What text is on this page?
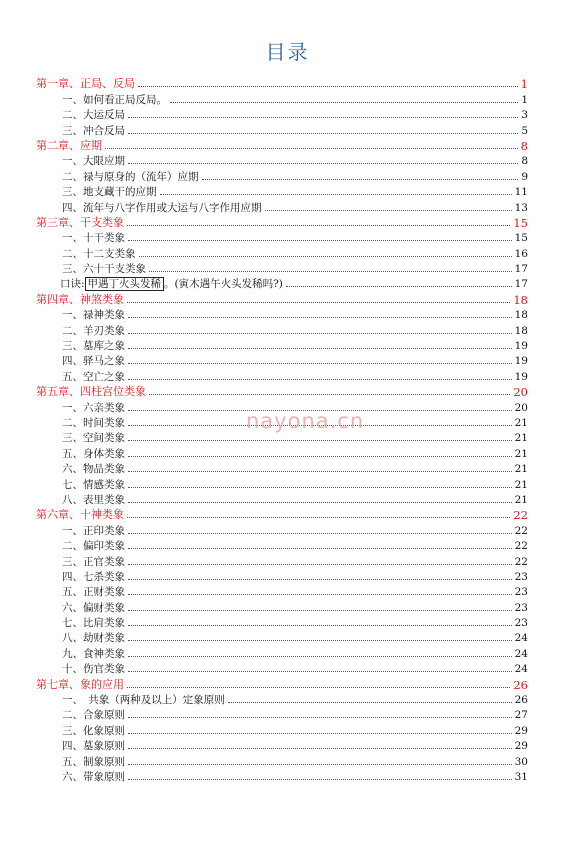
目录
第一章、正局、反局	1
一、如何看正局反局。	1
二、大运反局	3
三、冲合反局	5
第二章、应期	8
一、大限应期	8
二、禄与原身的（流年）应期	9
三、地支藏干的应期	11
四、流年与八字作用或大运与八字作用应期	13
第三章、干支类象	15
一、十干类象	15
二、十二支类象	16
三、六十干支类象	17
口诀: 甲遇丁火头发稀 。(寅木遇午火头发稀吗?)	17
第四章、神煞类象	18
一、禄神类象	18
二、羊刃类象	18
三、墓库之象	19
四、驿马之象	19
五、空亡之象	19
第五章、四柱宫位类象	20
一、六亲类象	20
二、时间类象	21
三、空间类象	21
五、身体类象	21
六、物品类象	21
七、情感类象	21
八、表里类象	21
第六章、十神类象	22
一、正印类象	22
二、偏印类象	22
三、正官类象	22
四、七杀类象	23
五、正财类象	23
六、偏财类象	23
七、比肩类象	23
八、劫财类象	24
九、食神类象	24
十、伤官类象	24
第七章、象的应用	26
一、　共象（两种及以上）定象原则	26
二、合象原则	27
三、化象原则	29
四、墓象原则	29
五、制象原则	30
六、带象原则	31
nayona.cn
